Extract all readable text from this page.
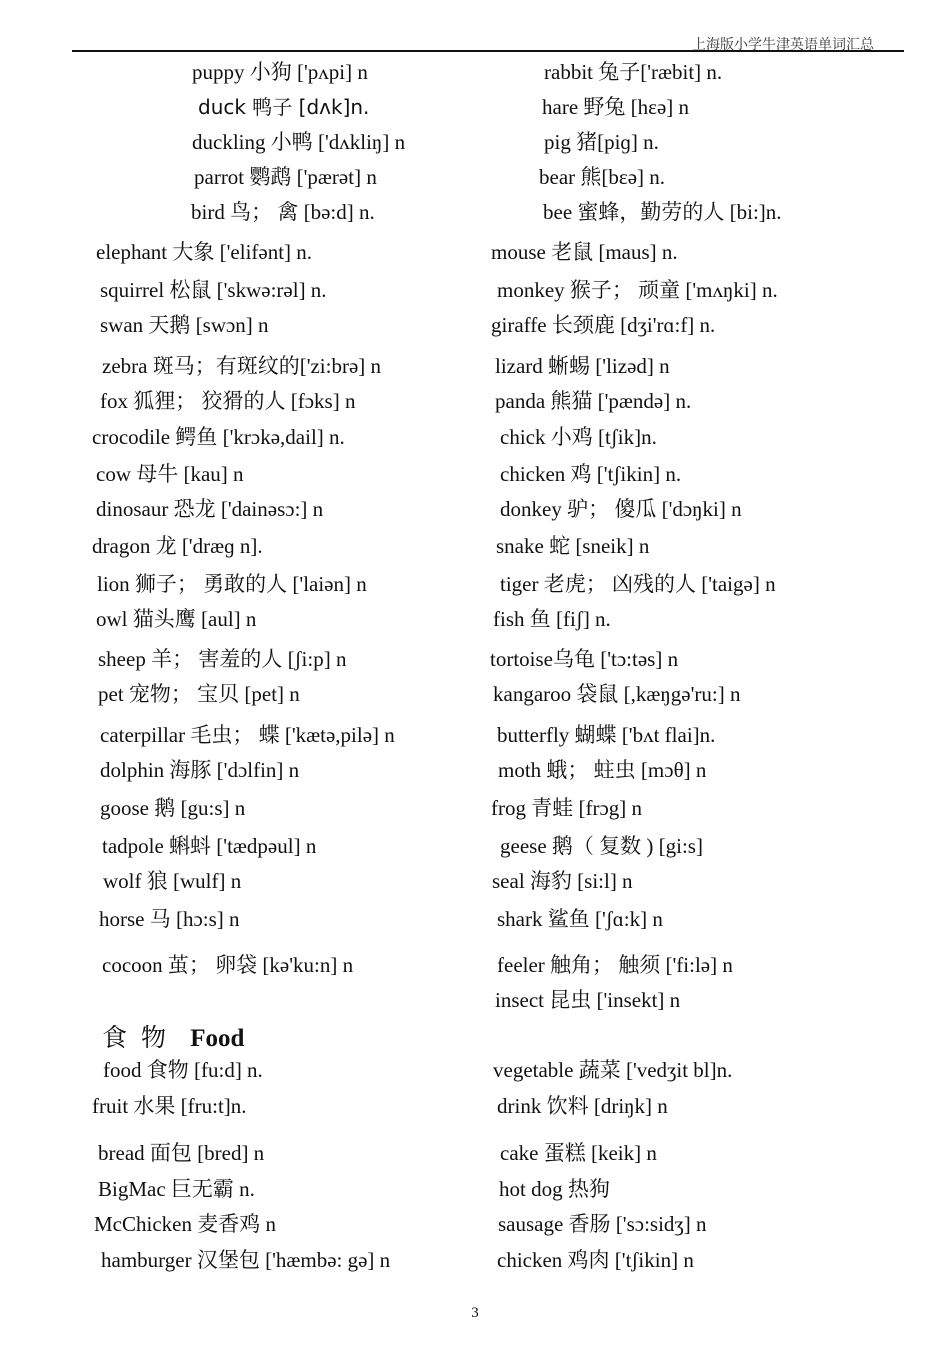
上海版小学牛津英语单词汇总
puppy 小狗 ['pʌpi] n
duck 鸭子 [dʌk]n.
duckling 小鸭 ['dʌkliŋ] n
parrot 鹦鹉 ['pærət] n
bird 鸟； 禽 [bə:d] n.
elephant 大象 ['elifənt] n.
squirrel 松鼠 ['skwə:rəl] n.
swan 天鹅 [swɔn] n
zebra 斑马；有斑纹的['zi:brə] n
fox 狐狸； 狡猾的人 [fɔks] n
crocodile 鳄鱼 ['krɔkə,dail] n.
cow 母牛 [kau] n
dinosaur 恐龙 ['dainəsɔ:] n
dragon 龙 ['dræɡ n].
lion 狮子； 勇敢的人 ['laiən] n
owl 猫头鹰 [aul] n
sheep 羊； 害羞的人 [ʃi:p] n
pet 宠物； 宝贝 [pet] n
caterpillar 毛虫； 蝶 ['kætə,pilə] n
dolphin 海豚 ['dɔlfin] n
goose 鹅 [gu:s] n
tadpole 蝌蚪 ['tædpəul] n
wolf 狼 [wulf] n
horse 马 [hɔ:s] n
cocoon 茧； 卵袋 [kə'ku:n] n
rabbit 兔子['ræbit] n.
hare 野兔 [hεə] n
pig 猪[piɡ] n.
bear 熊[bεə] n.
bee 蜜蜂，勤劳的人 [bi:]n.
mouse 老鼠 [maus] n.
monkey 猴子； 顽童 ['mʌŋki] n.
giraffe 长颈鹿 [dʒi'rɑ:f] n.
lizard 蜥蜴 ['lizəd] n
panda 熊猫 ['pændə] n.
chick 小鸡 [tʃik]n.
chicken 鸡 ['tʃikin] n.
donkey 驴； 傻瓜 ['dɔŋki] n
snake 蛇 [sneik] n
tiger 老虎； 凶残的人 ['taigə] n
fish 鱼 [fiʃ] n.
tortoise乌龟 ['tɔ:təs] n
kangaroo 袋鼠 [,kæŋgə'ru:] n
butterfly 蝴蝶 ['bʌt flai]n.
moth 蛾； 蛀虫 [mɔθ] n
frog 青蛙 [frɔg] n
geese 鹅（ 复数 ) [gi:s]
seal 海豹 [si:l] n
shark 鲨鱼 ['ʃɑ:k] n
feeler 触角； 触须 ['fi:lə] n
insect 昆虫 ['insekt] n
食物 Food
food 食物 [fu:d] n.
fruit 水果 [fru:t]n.
bread 面包 [bred] n
BigMac 巨无霸 n.
McChicken 麦香鸡 n
hamburger 汉堡包 ['hæmbə: gə] n
vegetable 蔬菜 ['vedʒit bl]n.
drink 饮料 [driŋk] n
cake 蛋糕 [keik] n
hot dog 热狗
sausage 香肠 ['sɔ:sidʒ] n
chicken 鸡肉 ['tʃikin] n
3
